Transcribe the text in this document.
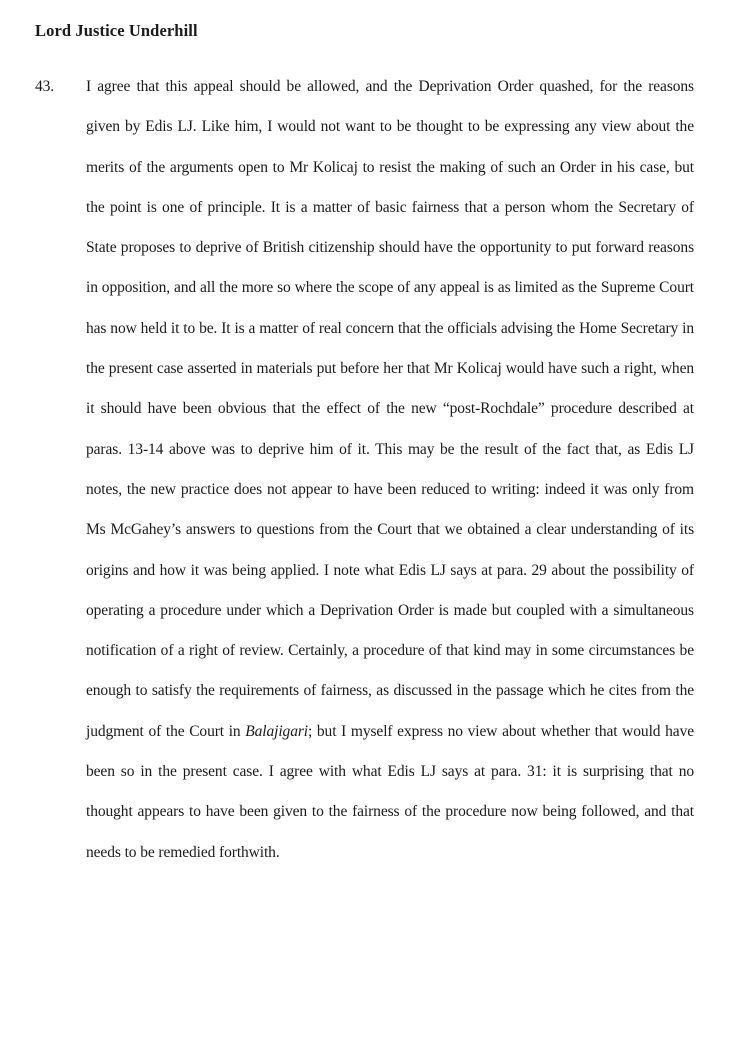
Lord Justice Underhill
43.	I agree that this appeal should be allowed, and the Deprivation Order quashed, for the reasons given by Edis LJ. Like him, I would not want to be thought to be expressing any view about the merits of the arguments open to Mr Kolicaj to resist the making of such an Order in his case, but the point is one of principle. It is a matter of basic fairness that a person whom the Secretary of State proposes to deprive of British citizenship should have the opportunity to put forward reasons in opposition, and all the more so where the scope of any appeal is as limited as the Supreme Court has now held it to be. It is a matter of real concern that the officials advising the Home Secretary in the present case asserted in materials put before her that Mr Kolicaj would have such a right, when it should have been obvious that the effect of the new “post-Rochdale” procedure described at paras. 13-14 above was to deprive him of it. This may be the result of the fact that, as Edis LJ notes, the new practice does not appear to have been reduced to writing: indeed it was only from Ms McGahey’s answers to questions from the Court that we obtained a clear understanding of its origins and how it was being applied. I note what Edis LJ says at para. 29 about the possibility of operating a procedure under which a Deprivation Order is made but coupled with a simultaneous notification of a right of review. Certainly, a procedure of that kind may in some circumstances be enough to satisfy the requirements of fairness, as discussed in the passage which he cites from the judgment of the Court in Balajigari; but I myself express no view about whether that would have been so in the present case. I agree with what Edis LJ says at para. 31: it is surprising that no thought appears to have been given to the fairness of the procedure now being followed, and that needs to be remedied forthwith.
